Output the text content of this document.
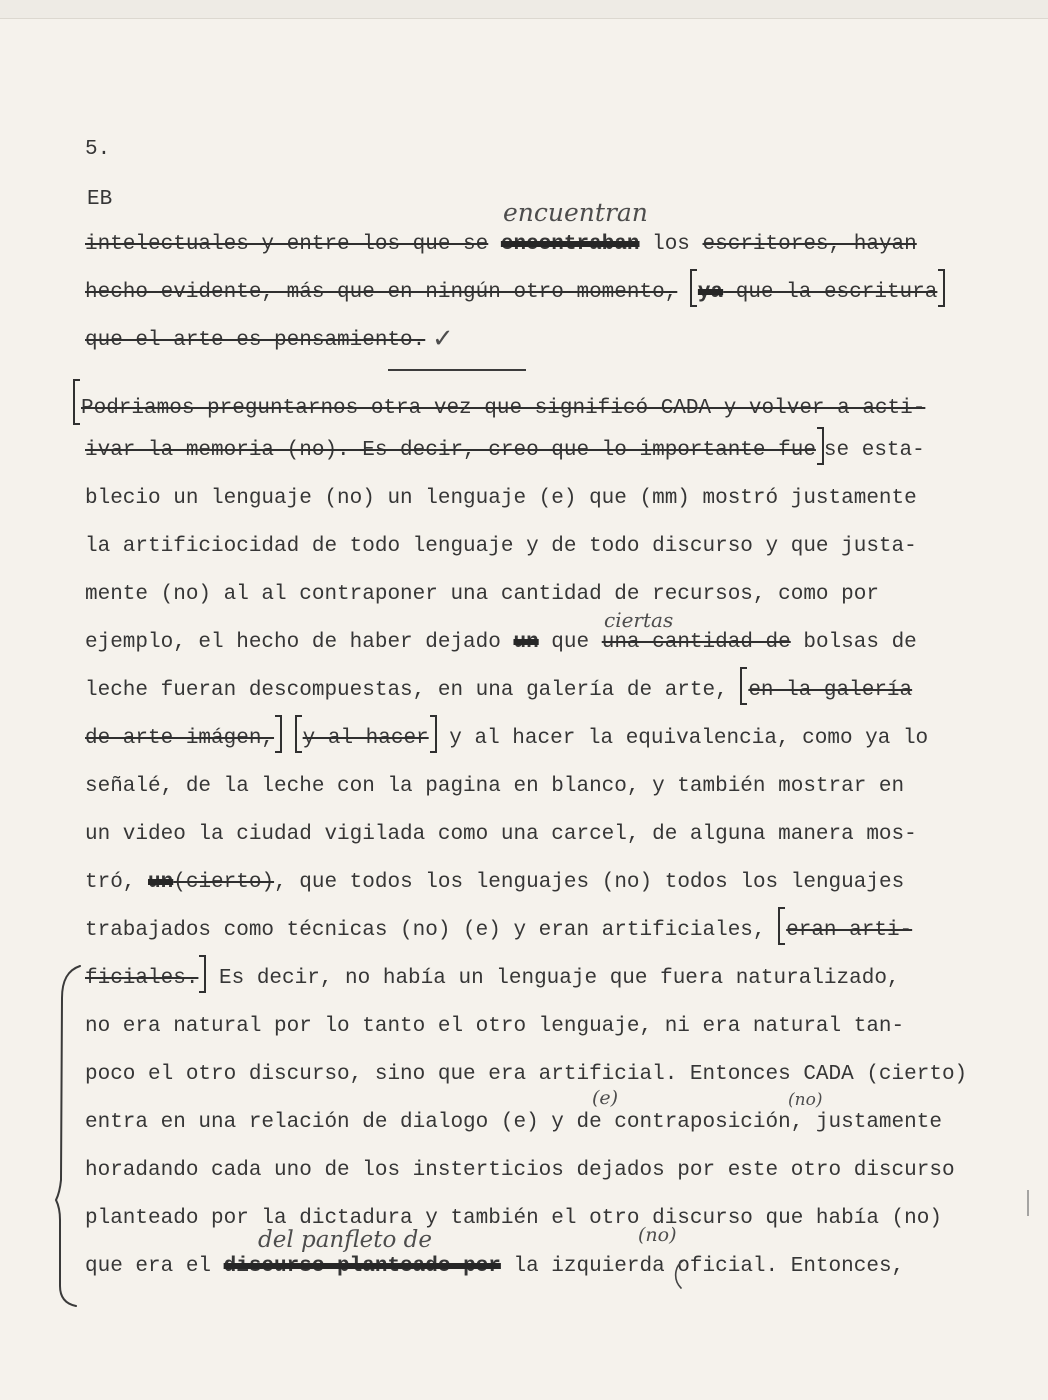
5.
EB	encuentran
✓
ciertas
(e)	(no)
del panfleto de	(no)
intelectuales y entre los que se encontraban  los  escritores, hayan
hecho evidente, más que en ningún otro momento, ya  que la escritura
que el arte es pensamiento.
Podriamos preguntarnos otra vez que significó CADA y volver a acti-
ivar la memoria (no). Es decir, creo que lo importante fue se esta-
blecio un lenguaje (no) un lenguaje (e) que (mm) mostró justamente
la artificiocidad de todo lenguaje y de todo discurso y que justa-
mente (no) al al contraponer una cantidad de recursos, como por
ejemplo, el hecho de haber dejado  un  que  una cantidad de  bolsas de
leche fueran descompuestas, en una galería de arte,   en la galería
de arte imágen, y al hacer   y al hacer la equivalencia, como ya lo
señalé, de la leche con la pagina en blanco, y también mostrar en
un video la ciudad vigilada como una carcel, de alguna manera mos-
tró,  un (cierto) , que todos los lenguajes (no) todos los lenguajes
trabajados como técnicas (no) (e) y eran artificiales,   eran arti-
ficiales.   Es decir, no había un lenguaje que fuera naturalizado,
no era natural por lo tanto el otro lenguaje, ni era natural tan-
poco el otro discurso, sino que era artificial. Entonces CADA (cierto)
entra en una relación de dialogo (e) y de contraposición, justamente
horadando cada uno de los insterticios dejados por este otro discurso
planteado por la dictadura y también el otro discurso que había (no)
que era el  discurso planteado por  la izquierda  oficial. Entonces,
